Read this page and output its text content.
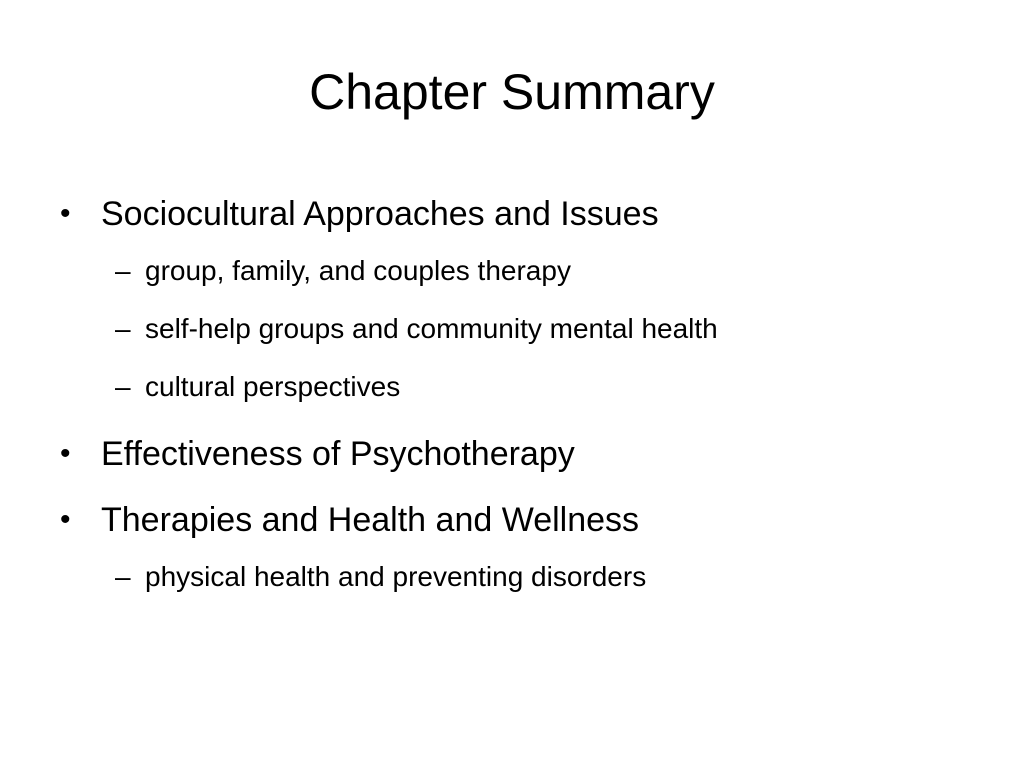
Chapter Summary
• Sociocultural Approaches and Issues
– group, family, and couples therapy
– self-help groups and community mental health
– cultural perspectives
• Effectiveness of Psychotherapy
• Therapies and Health and Wellness
– physical health and preventing disorders
